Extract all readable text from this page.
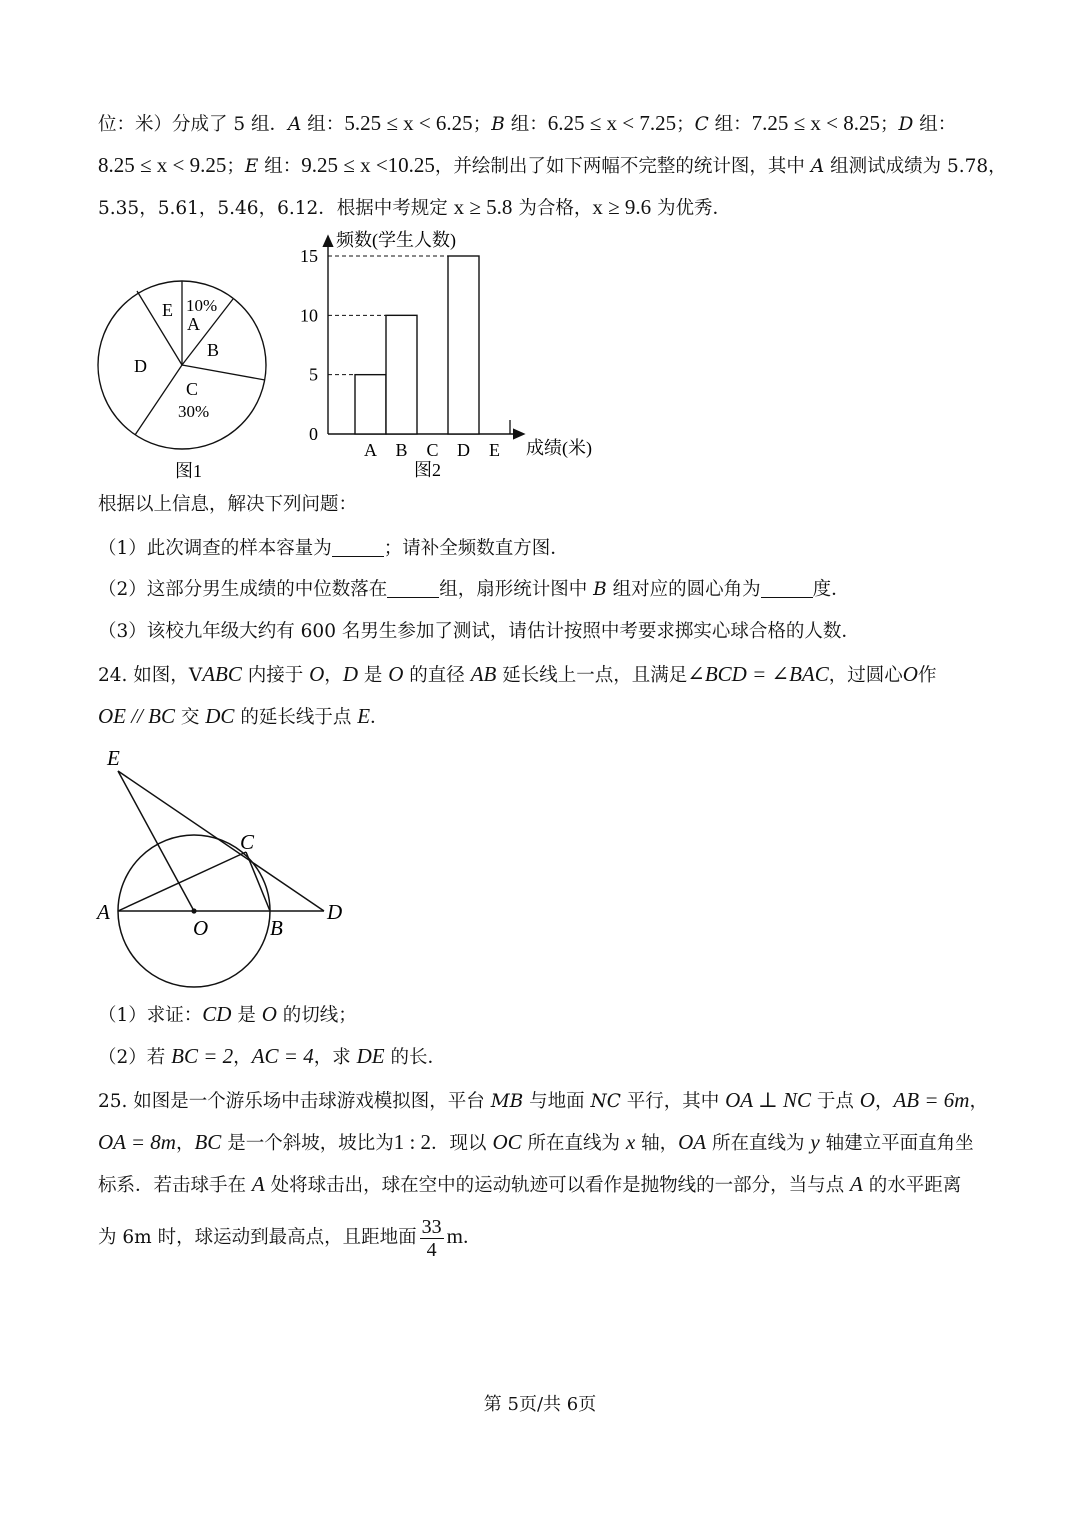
位：米）分成了 5 组．A 组：5.25 ≤ x < 6.25；B 组：6.25 ≤ x < 7.25；C 组：7.25 ≤ x < 8.25；D 组：
8.25 ≤ x < 9.25；E 组：9.25 ≤ x <10.25，并绘制出了如下两幅不完整的统计图，其中 A 组测试成绩为 5.78，
5.35，5.61，5.46，6.12．根据中考规定 x ≥ 5.8 为合格，x ≥ 9.6 为优秀．
E 10%
A
B
C
30%
D
图1
频数(学生人数)
成绩(米)
图2
0
5
10
15
A B C D E
根据以上信息，解决下列问题：
（1）此次调查的样本容量为	；请补全频数直方图．
（2）这部分男生成绩的中位数落在	组，扇形统计图中 B 组对应的圆心角为	度．
（3）该校九年级大约有 600 名男生参加了测试，请估计按照中考要求掷实心球合格的人数．
24. 如图，VABC 内接于 O，D 是 O 的直径 AB 延长线上一点，且满足∠BCD = ∠BAC，过圆心O作
OE // BC 交 DC 的延长线于点 E．
E
C
A
O	B
D
（1）求证：CD 是 O 的切线；
（2）若 BC = 2，AC = 4，求 DE 的长．
25. 如图是一个游乐场中击球游戏模拟图，平台 MB 与地面 NC 平行，其中 OA ⊥ NC 于点 O，AB = 6m，
OA = 8m，BC 是一个斜坡，坡比为1 : 2．现以 OC 所在直线为 x 轴，OA 所在直线为 y 轴建立平面直角坐
标系．若击球手在 A 处将球击出，球在空中的运动轨迹可以看作是抛物线的一部分，当与点 A 的水平距离
为 6m 时，球运动到最高点，且距地面 $\frac{33}{4}$ m．
第 5页/共 6页
